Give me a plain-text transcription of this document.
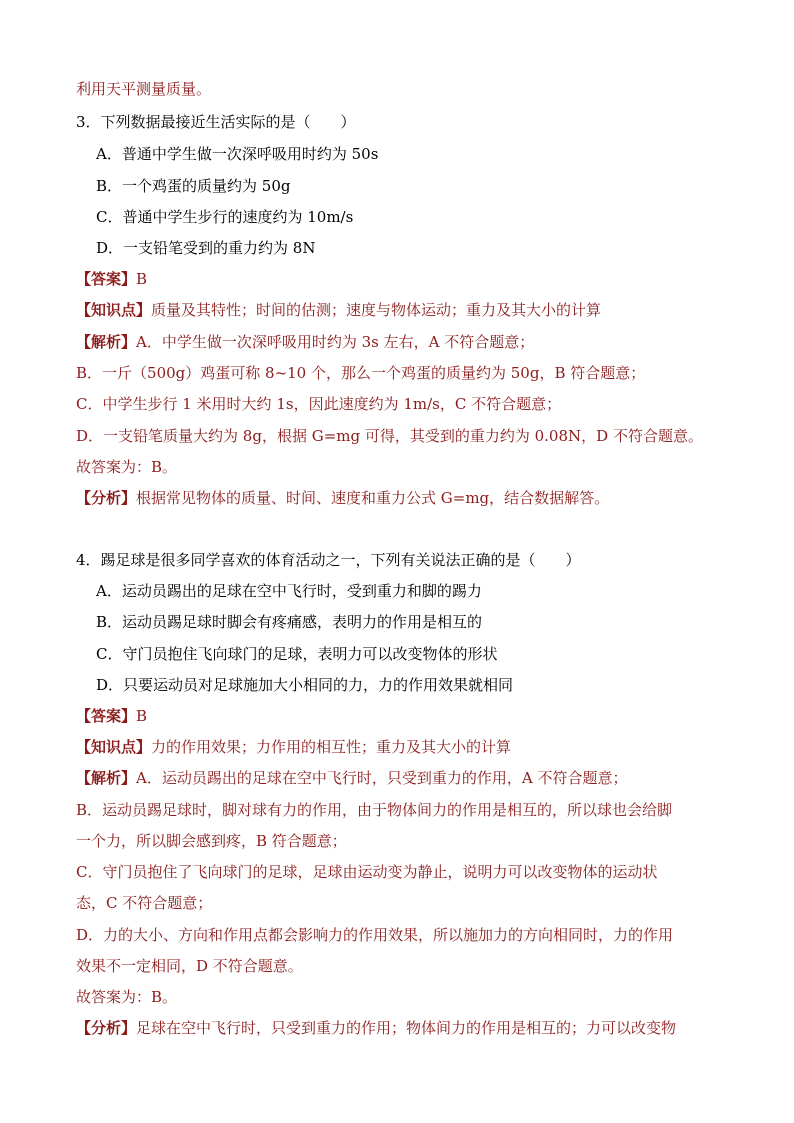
利用天平测量质量。
3．下列数据最接近生活实际的是（　　）
A．普通中学生做一次深呼吸用时约为 50s
B．一个鸡蛋的质量约为 50g
C．普通中学生步行的速度约为 10m/s
D．一支铅笔受到的重力约为 8N
【答案】B
【知识点】质量及其特性；时间的估测；速度与物体运动；重力及其大小的计算
【解析】A．中学生做一次深呼吸用时约为 3s 左右，A 不符合题意；
B．一斤（500g）鸡蛋可称 8~10 个，那么一个鸡蛋的质量约为 50g，B 符合题意；
C．中学生步行 1 米用时大约 1s，因此速度约为 1m/s，C 不符合题意；
D．一支铅笔质量大约为 8g，根据 G=mg 可得，其受到的重力约为 0.08N，D 不符合题意。
故答案为：B。
【分析】根据常见物体的质量、时间、速度和重力公式 G=mg，结合数据解答。
4．踢足球是很多同学喜欢的体育活动之一，下列有关说法正确的是（　　）
A．运动员踢出的足球在空中飞行时，受到重力和脚的踢力
B．运动员踢足球时脚会有疼痛感，表明力的作用是相互的
C．守门员抱住飞向球门的足球，表明力可以改变物体的形状
D．只要运动员对足球施加大小相同的力，力的作用效果就相同
【答案】B
【知识点】力的作用效果；力作用的相互性；重力及其大小的计算
【解析】A．运动员踢出的足球在空中飞行时，只受到重力的作用，A 不符合题意；
B．运动员踢足球时，脚对球有力的作用，由于物体间力的作用是相互的，所以球也会给脚
一个力，所以脚会感到疼，B 符合题意；
C．守门员抱住了飞向球门的足球，足球由运动变为静止，说明力可以改变物体的运动状
态，C 不符合题意；
D．力的大小、方向和作用点都会影响力的作用效果，所以施加力的方向相同时，力的作用
效果不一定相同，D 不符合题意。
故答案为：B。
【分析】足球在空中飞行时，只受到重力的作用；物体间力的作用是相互的；力可以改变物
